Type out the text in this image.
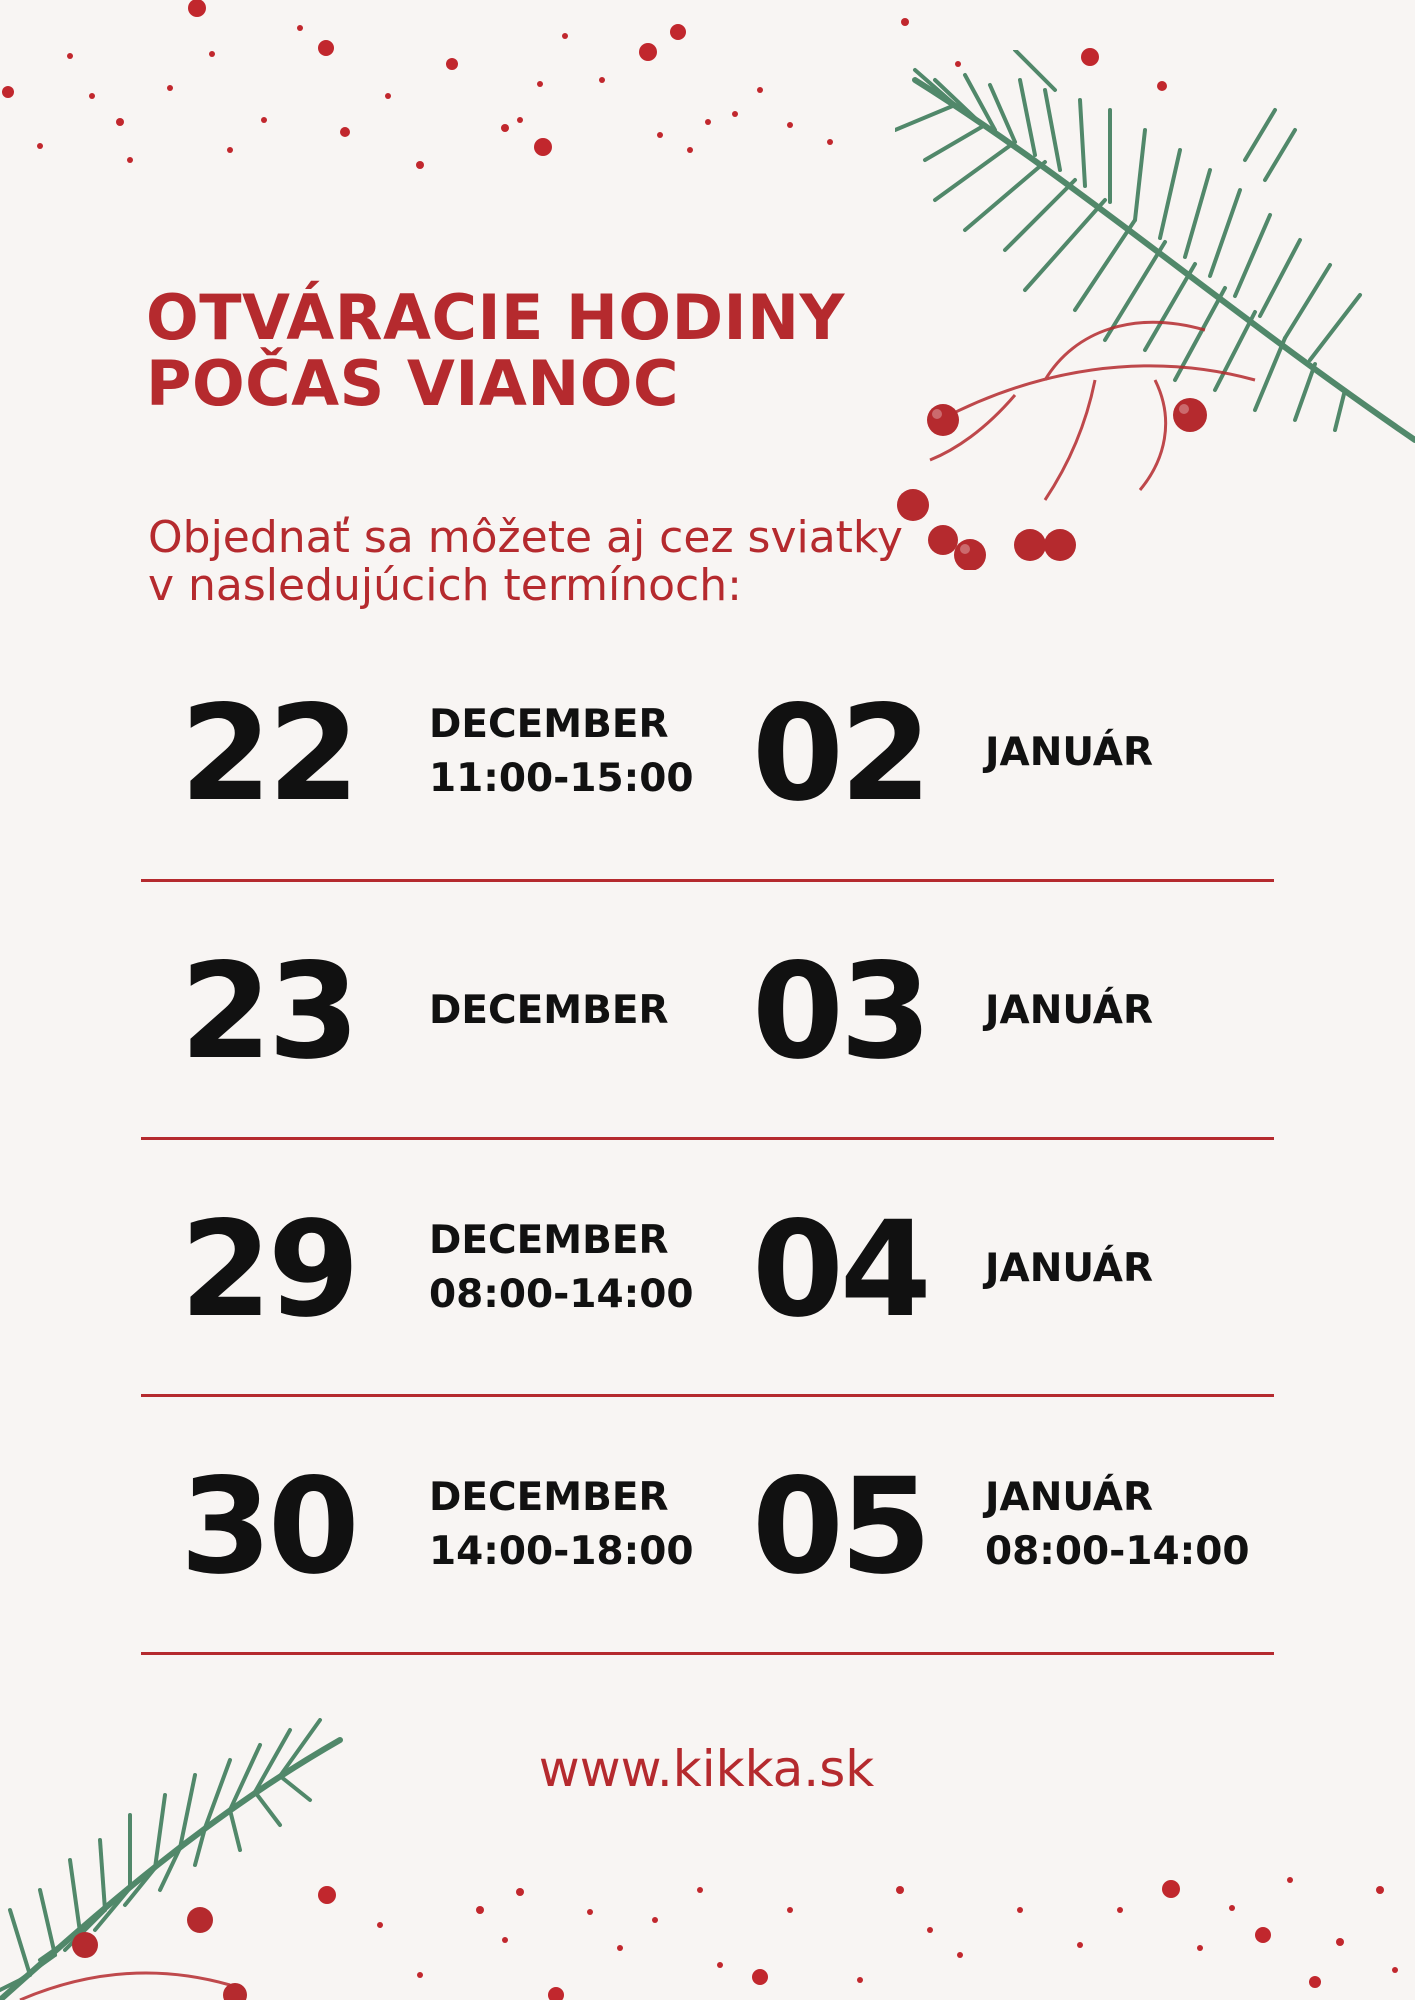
OTVÁRACIE HODINY
POČAS VIANOC
Objednať sa môžete aj cez sviatky
v nasledujúcich termínoch:
22 DECEMBER
11:00-15:00 02 JANUÁR
23 DECEMBER 03 JANUÁR
29 DECEMBER
08:00-14:00 04 JANUÁR
30 DECEMBER
14:00-18:00 05 JANUÁR
08:00-14:00
www.kikka.sk
